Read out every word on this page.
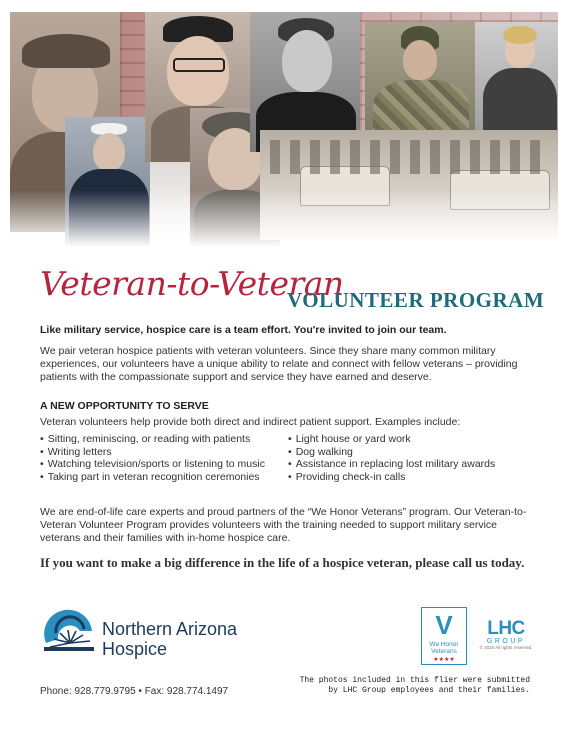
Veteran-to-Veteran
VOLUNTEER PROGRAM
Like military service, hospice care is a team effort. You're invited to join our team.
We pair veteran hospice patients with veteran volunteers. Since they share many common military experiences, our volunteers have a unique ability to relate and connect with fellow veterans – providing patients with the compassionate support and service they have earned and deserve.
A NEW OPPORTUNITY TO SERVE
Veteran volunteers help provide both direct and indirect patient support. Examples include:
• Sitting, reminiscing, or reading with patients
• Writing letters
• Watching television/sports or listening to music
• Taking part in veteran recognition ceremonies
• Light house or yard work
• Dog walking
• Assistance in replacing lost military awards
• Providing check-in calls
We are end-of-life care experts and proud partners of the “We Honor Veterans” program. Our Veteran-to-Veteran Volunteer Program provides volunteers with the training needed to support military service veterans and their families with in-home hospice care.
If you want to make a big difference in the life of a hospice veteran, please call us today.
Northern Arizona
Hospice
Phone: 928.779.9795 • Fax: 928.774.1497
V
We Honor
Veterans
★★★★
LHC
GROUP
© 2020 All rights reserved.
The photos included in this flier were submitted
by LHC Group employees and their families.
